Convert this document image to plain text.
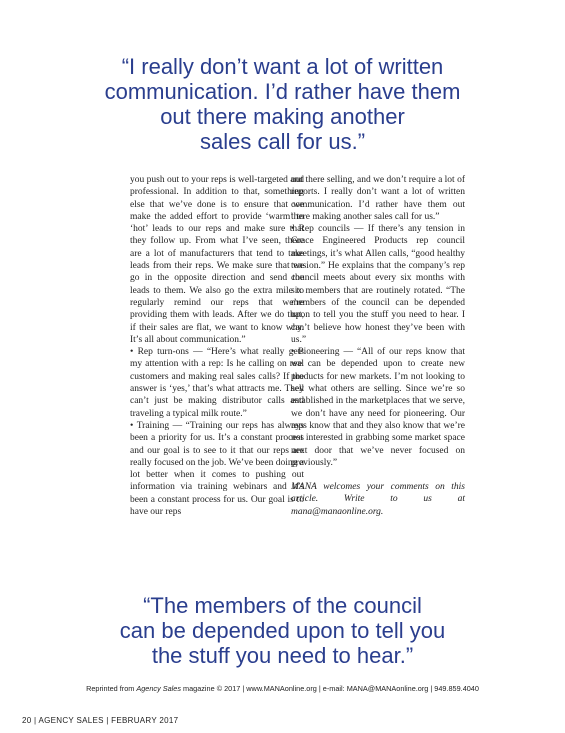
“I really don’t want a lot of written
communication. I’d rather have them
out there making another
sales call for us.”

you push out to your reps is well-targeted and professional. In addition to that, something else that we’ve done is to ensure that we make the added effort to provide ‘warm’ to ‘hot’ leads to our reps and make sure that they follow up. From what I’ve seen, there are a lot of manufacturers that tend to take leads from their reps. We make sure that we go in the opposite direction and send the leads to them. We also go the extra mile to regularly remind our reps that we’re providing them with leads. After we do that, if their sales are flat, we want to know why. It’s all about communication.”

• Rep turn-ons — “Here’s what really gets my attention with a rep: Is he calling on real customers and making real sales calls? If the answer is ‘yes,’ that’s what attracts me. They can’t just be making distributor calls and traveling a typical milk route.”

• Training — “Training our reps has always been a priority for us. It’s a constant process and our goal is to see to it that our reps are really focused on the job. We’ve been doing a lot better when it comes to pushing out information via training webinars and it’s been a constant process for us. Our goal is to have our reps

out there selling, and we don’t require a lot of reports. I really don’t want a lot of written communication. I’d rather have them out there making another sales call for us.”

• Rep councils — If there’s any tension in Grace Engineered Products rep council meetings, it’s what Allen calls, “good healthy tension.” He explains that the company’s rep council meets about every six months with six members that are routinely rotated. “The members of the council can be depended upon to tell you the stuff you need to hear. I can’t believe how honest they’ve been with us.”

• Pioneering — “All of our reps know that we can be depended upon to create new products for new markets. I’m not looking to sell what others are selling. Since we’re so established in the marketplaces that we serve, we don’t have any need for pioneering. Our reps know that and they also know that we’re not interested in grabbing some market space next door that we’ve never focused on previously.”

MANA welcomes your comments on this article. Write to us at mana@manaonline.org.

“The members of the council
can be depended upon to tell you
the stuff you need to hear.”
Reprinted from Agency Sales magazine © 2017 | www.MANAonline.org | e-mail: MANA@MANAonline.org | 949.859.4040
20 | AGENCY SALES | FEBRUARY 2017
